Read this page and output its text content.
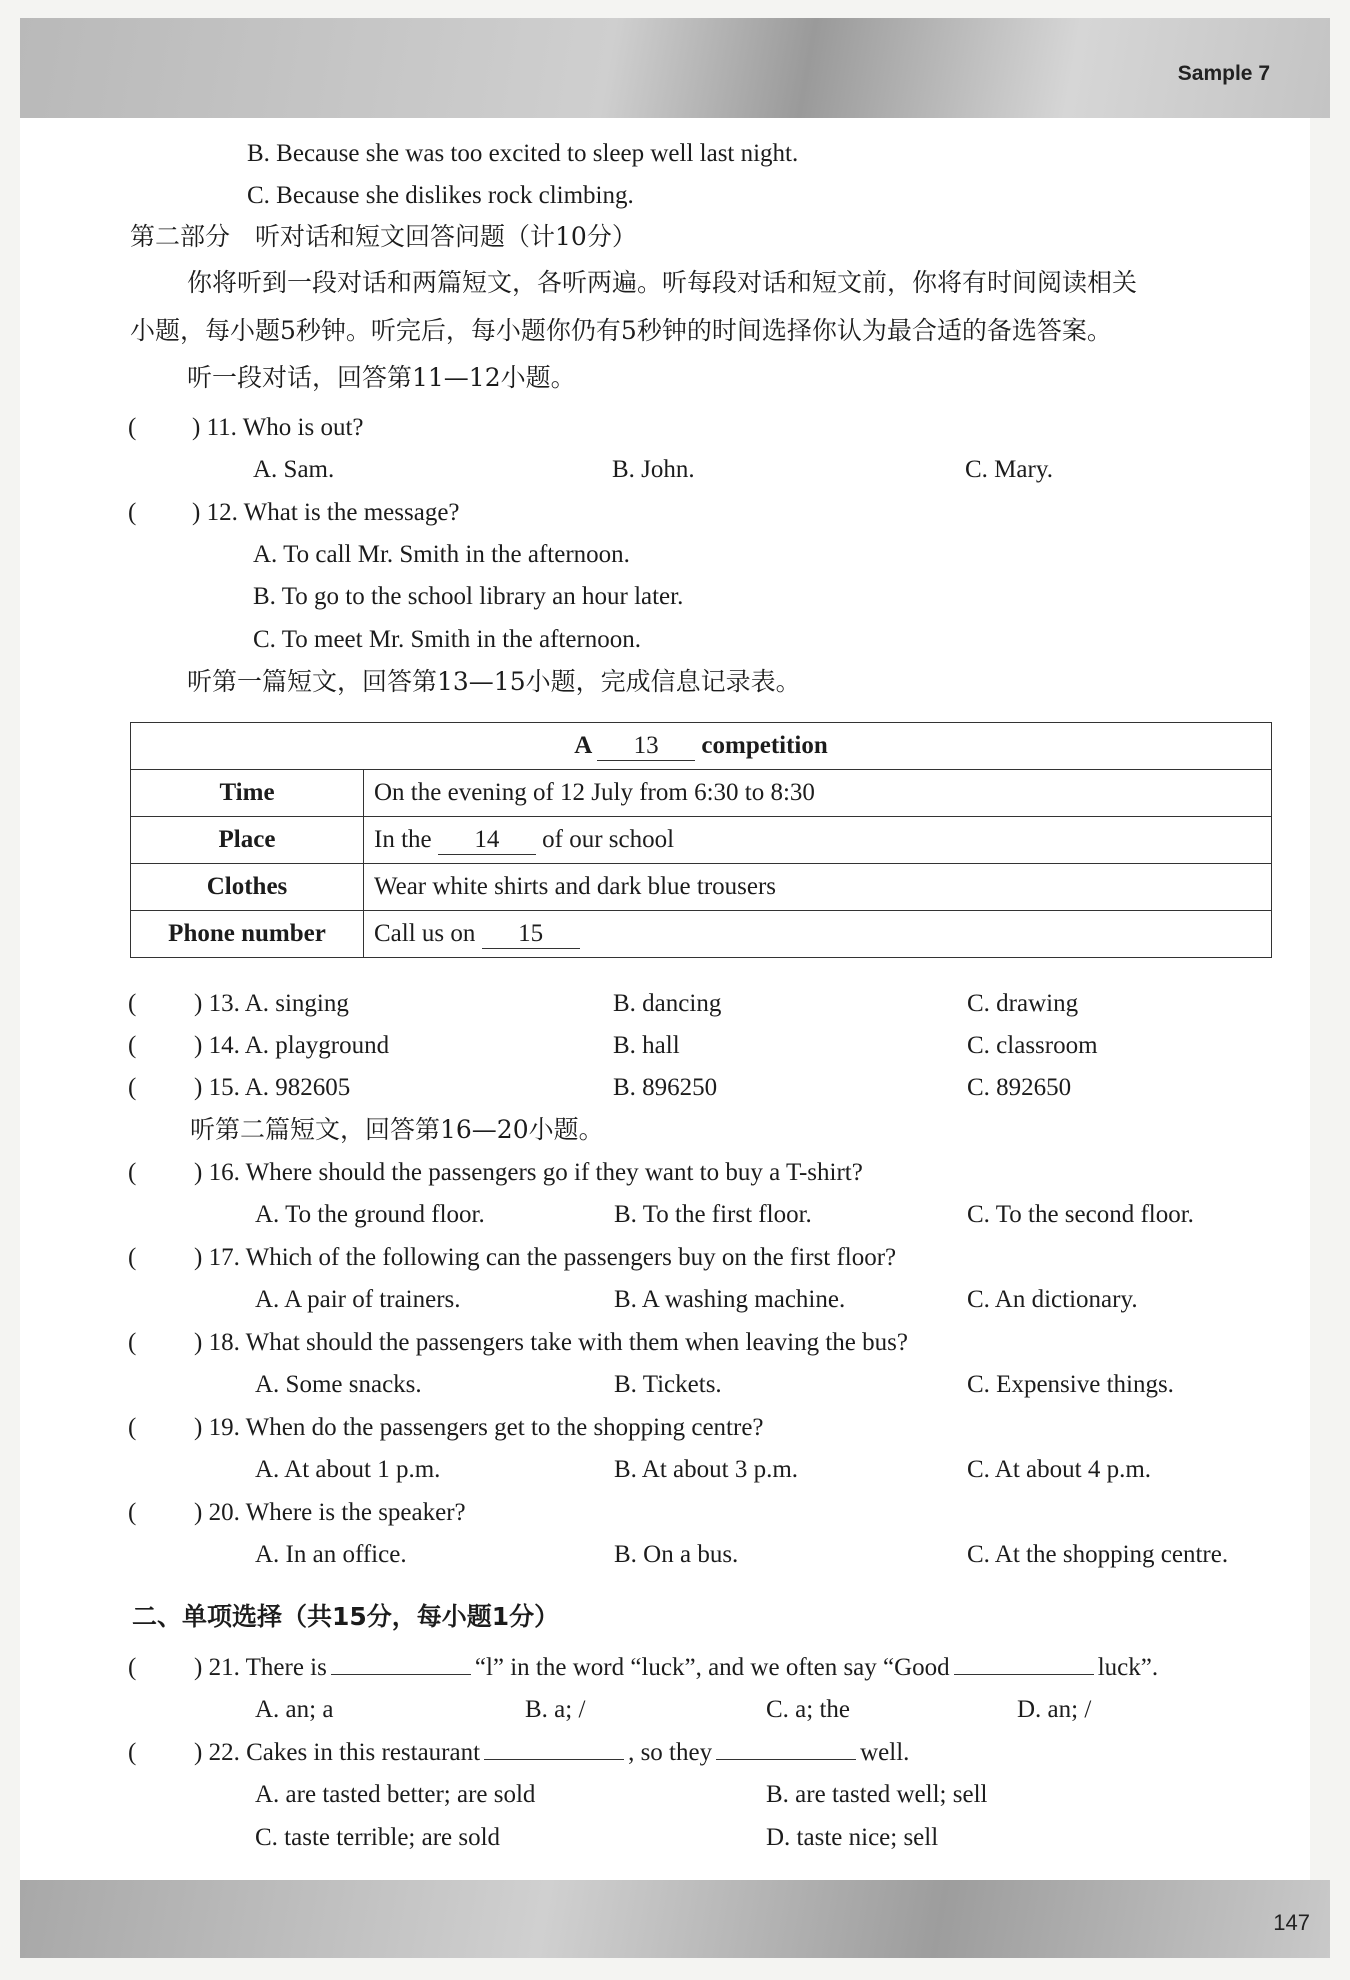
Sample 7
147
B. Because she was too excited to sleep well last night.
C. Because she dislikes rock climbing.
第二部分　听对话和短文回答问题（计10分）
你将听到一段对话和两篇短文，各听两遍。听每段对话和短文前，你将有时间阅读相关
小题，每小题5秒钟。听完后，每小题你仍有5秒钟的时间选择你认为最合适的备选答案。
听一段对话，回答第11—12小题。
( ) 11. Who is out?
A. Sam.	B. John.	C. Mary.
( ) 12. What is the message?
A. To call Mr. Smith in the afternoon.
B. To go to the school library an hour later.
C. To meet Mr. Smith in the afternoon.
听第一篇短文，回答第13—15小题，完成信息记录表。
A 13 competition	
Time	On the evening of 12 July from 6:30 to 8:30
Place	In the 14 of our school
Clothes	Wear white shirts and dark blue trousers
Phone number	Call us on 15
( ) 13. A. singing	B. dancing	C. drawing
( ) 14. A. playground	B. hall	C. classroom
( ) 15. A. 982605	B. 896250	C. 892650
听第二篇短文，回答第16—20小题。
( ) 16. Where should the passengers go if they want to buy a T-shirt?
A. To the ground floor.	B. To the first floor.	C. To the second floor.
( ) 17. Which of the following can the passengers buy on the first floor?
A. A pair of trainers.	B. A washing machine.	C. An dictionary.
( ) 18. What should the passengers take with them when leaving the bus?
A. Some snacks.	B. Tickets.	C. Expensive things.
( ) 19. When do the passengers get to the shopping centre?
A. At about 1 p.m.	B. At about 3 p.m.	C. At about 4 p.m.
( ) 20. Where is the speaker?
A. In an office.	B. On a bus.	C. At the shopping centre.
二、单项选择（共15分，每小题1分）
( ) 21. There is	“l” in the word “luck”, and we often say “Good	luck”.
A. an; a	B. a; /	C. a; the	D. an; /
( ) 22. Cakes in this restaurant	, so they	well.
A. are tasted better; are sold	B. are tasted well; sell
C. taste terrible; are sold	D. taste nice; sell
